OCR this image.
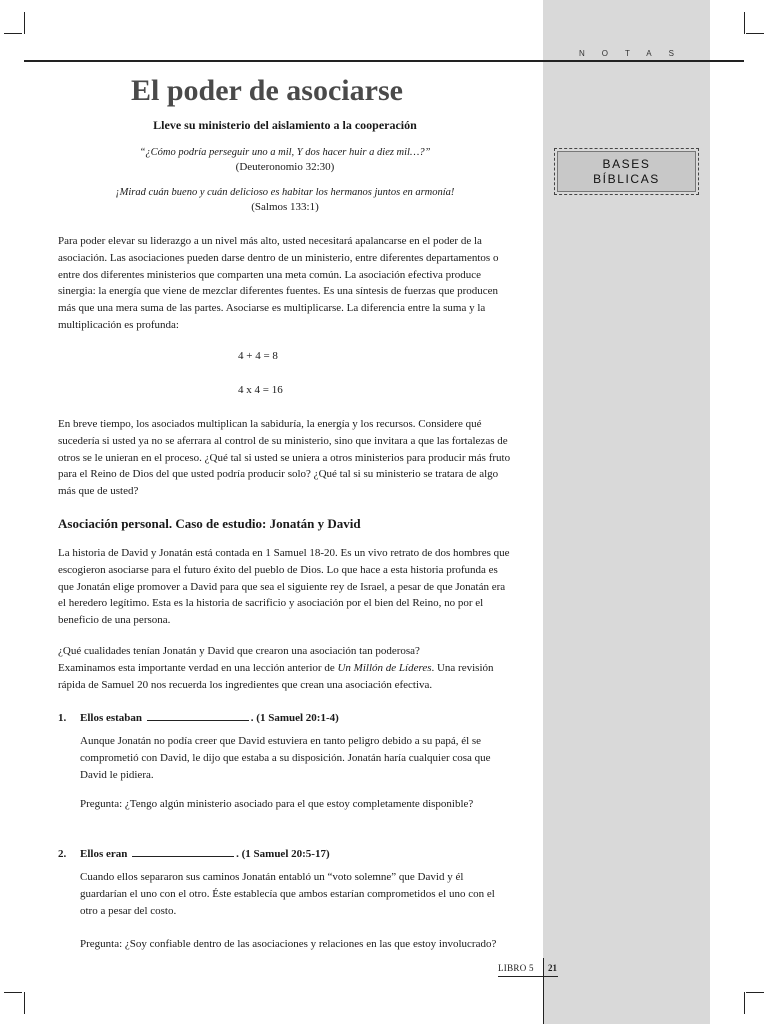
NOTAS
BASES
BÍBLICAS
El poder de asociarse
Lleve su ministerio del aislamiento a la cooperación
“¿Cómo podría perseguir uno a mil, Y dos hacer huir a diez mil…?”
(Deuteronomio 32:30)
¡Mirad cuán bueno y cuán delicioso es habitar los hermanos juntos en armonía!
(Salmos 133:1)
Para poder elevar su liderazgo a un nivel más alto, usted necesitará apalancarse en el poder de la asociación. Las asociaciones pueden darse dentro de un ministerio, entre diferentes departamentos o entre dos diferentes ministerios que comparten una meta común. La asociación efectiva produce sinergia: la energía que viene de mezclar diferentes fuentes. Es una síntesis de fuerzas que producen más que una mera suma de las partes. Asociarse es multiplicarse. La diferencia entre la suma y la multiplicación es profunda:
4 + 4 = 8
4 x 4 = 16
En breve tiempo, los asociados multiplican la sabiduría, la energía y los recursos. Considere qué sucedería si usted ya no se aferrara al control de su ministerio, sino que invitara a que las fortalezas de otros se le unieran en el proceso. ¿Qué tal si usted se uniera a otros ministerios para producir más fruto para el Reino de Dios del que usted podría producir solo? ¿Qué tal si su ministerio se tratara de algo más que de usted?
Asociación personal. Caso de estudio: Jonatán y David
La historia de David y Jonatán está contada en 1 Samuel 18-20. Es un vivo retrato de dos hombres que escogieron asociarse para el futuro éxito del pueblo de Dios. Lo que hace a esta historia profunda es que Jonatán elige promover a David para que sea el siguiente rey de Israel, a pesar de que Jonatán era el heredero legítimo. Esta es la historia de sacrificio y asociación por el bien del Reino, no por el beneficio de una persona.
¿Qué cualidades tenían Jonatán y David que crearon una asociación tan poderosa?
Examinamos esta importante verdad en una lección anterior de Un Millón de Líderes. Una revisión rápida de Samuel 20 nos recuerda los ingredientes que crean una asociación efectiva.
1. Ellos estaban	. (1 Samuel 20:1-4)
Aunque Jonatán no podía creer que David estuviera en tanto peligro debido a su papá, él se comprometió con David, le dijo que estaba a su disposición. Jonatán haría cualquier cosa que David le pidiera.
Pregunta: ¿Tengo algún ministerio asociado para el que estoy completamente disponible?
2. Ellos eran	. (1 Samuel 20:5-17)
Cuando ellos separaron sus caminos Jonatán entabló un “voto solemne” que David y él guardarían el uno con el otro. Éste establecía que ambos estarían comprometidos el uno con el otro a pesar del costo.
Pregunta: ¿Soy confiable dentro de las asociaciones y relaciones en las que estoy involucrado?
LIBRO 5 21
